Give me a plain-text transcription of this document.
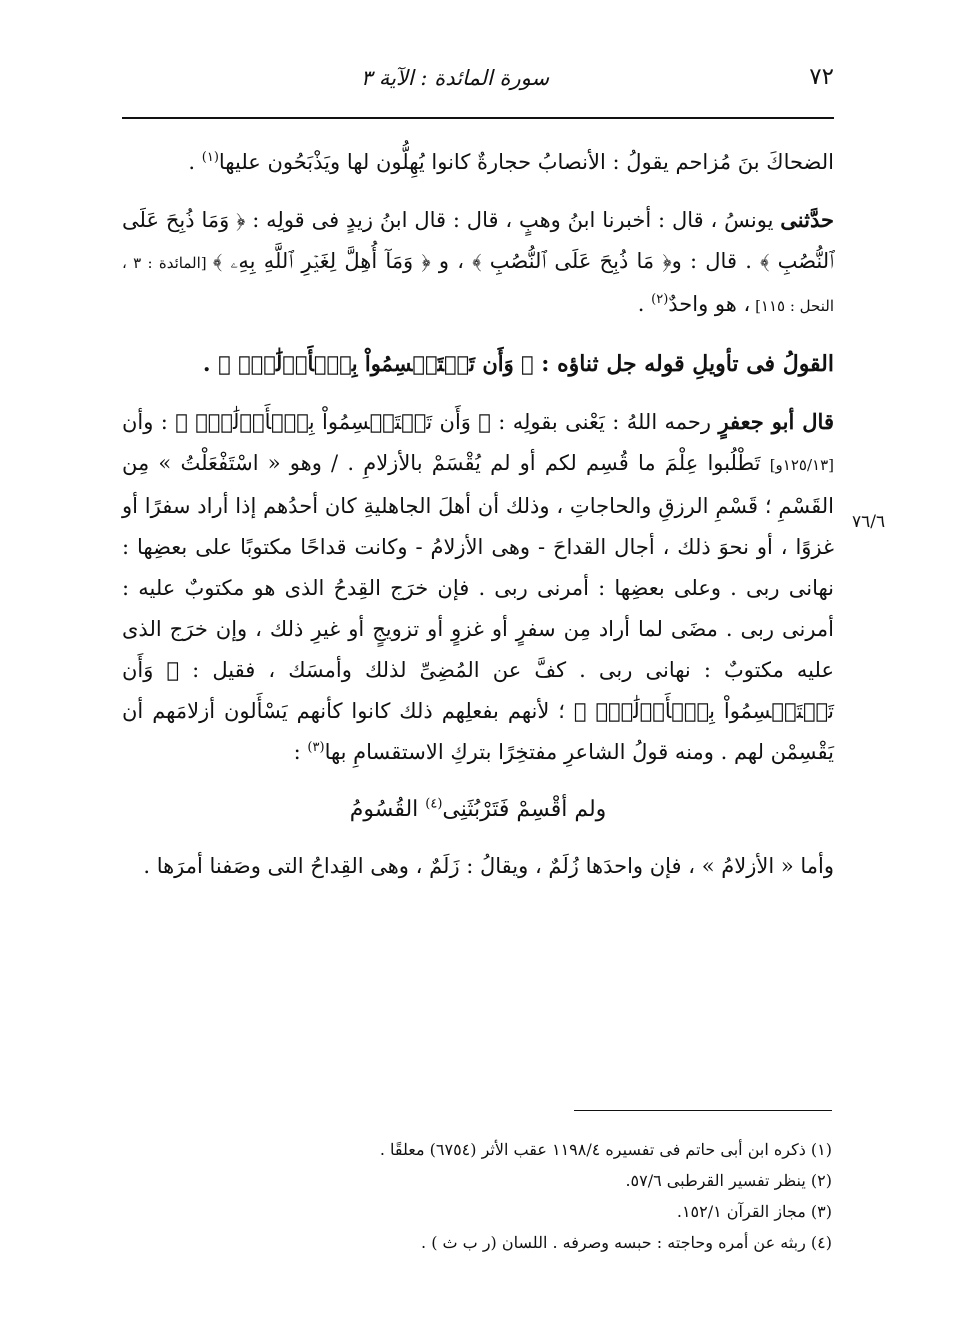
٧٢
سورة المائدة : الآية ٣
٧٦/٦

الضحاكَ بنَ مُزاحم يقولُ : الأنصابُ حجارةٌ كانوا يُهِلُّون لها ويَذْبَحُون عليها$^{(١)}$ .

حدَّثنى يونسُ ، قال : أخبرنا ابنُ وهبٍ ، قال : قال ابنُ زيدٍ فى قولِه : ﴿ وَمَا ذُبِحَ عَلَى ٱلنُّصُبِ ﴾ . قال : و﴿ مَا ذُبِحَ عَلَى ٱلنُّصُبِ ﴾ ، و ﴿ وَمَآ أُهِلَّ لِغَيۡرِ ٱللَّهِ بِهِۦ ﴾ [المائدة : ٣ ، النحل : ١١٥] ، هو واحدٌ$^{(٢)}$ .

القولُ فى تأويلِ قوله جل ثناؤه : ﴿ وَأَن تَسۡتَقۡسِمُواْ بِٱلۡأَزۡلَٰمِۚ ﴾ .

قال أبو جعفرٍ رحمه اللهُ : يَعْنى بقولِه : ﴿ وَأَن تَسۡتَقۡسِمُواْ بِٱلۡأَزۡلَٰمِۚ ﴾ : وأن [١٢٥/١٣و] تَطْلُبوا عِلْمَ ما قُسِم لكم أو لم يُقْسَمْ بالأزلامِ . / وهو « اسْتَفْعَلْتُ » مِن القَسْمِ ؛ قَسْمِ الرزقِ والحاجاتِ ، وذلك أن أهلَ الجاهليةِ كان أحدُهم إذا أراد سفرًا أو غزوًا ، أو نحوَ ذلك ، أجال القداحَ - وهى الأزلامُ - وكانت قداحًا مكتوبًا على بعضِها : نهانى ربى . وعلى بعضِها : أمرنى ربى . فإن خرَج القِدحُ الذى هو مكتوبٌ عليه : أمرنى ربى . مضَى لما أراد مِن سفرٍ أو غزوٍ أو تزويجٍ أو غيرِ ذلك ، وإن خرَج الذى عليه مكتوبٌ : نهانى ربى . كفَّ عن المُضِىِّ لذلك وأمسَك ، فقيل : ﴿ وَأَن تَسۡتَقۡسِمُواْ بِٱلۡأَزۡلَٰمِۚ ﴾ ؛ لأنهم بفعلِهم ذلك كانوا كأنهم يَسْأَلون أزلامَهم أن يَقْسِمْن لهم . ومنه قولُ الشاعرِ مفتخِرًا بتركِ الاستقسامِ بها$^{(٣)}$ :

ولم أقْسِمْ فَتَرْبُثَنِى$^{(٤)}$ القُسُومُ

وأما « الأزلامُ » ، فإن واحدَها زُلَمٌ ، ويقالُ : زَلَمٌ ، وهى القِداحُ التى وصَفنا أمرَها .

(١) ذكره ابن أبى حاتم فى تفسيره ١١٩٨/٤ عقب الأثر (٦٧٥٤) معلقًا .
(٢) ينظر تفسير القرطبى ٥٧/٦.
(٣) مجاز القرآن ١٥٢/١.
(٤) ربثه عن أمره وحاجته : حبسه وصرفه . اللسان (ر ب ث ) .
